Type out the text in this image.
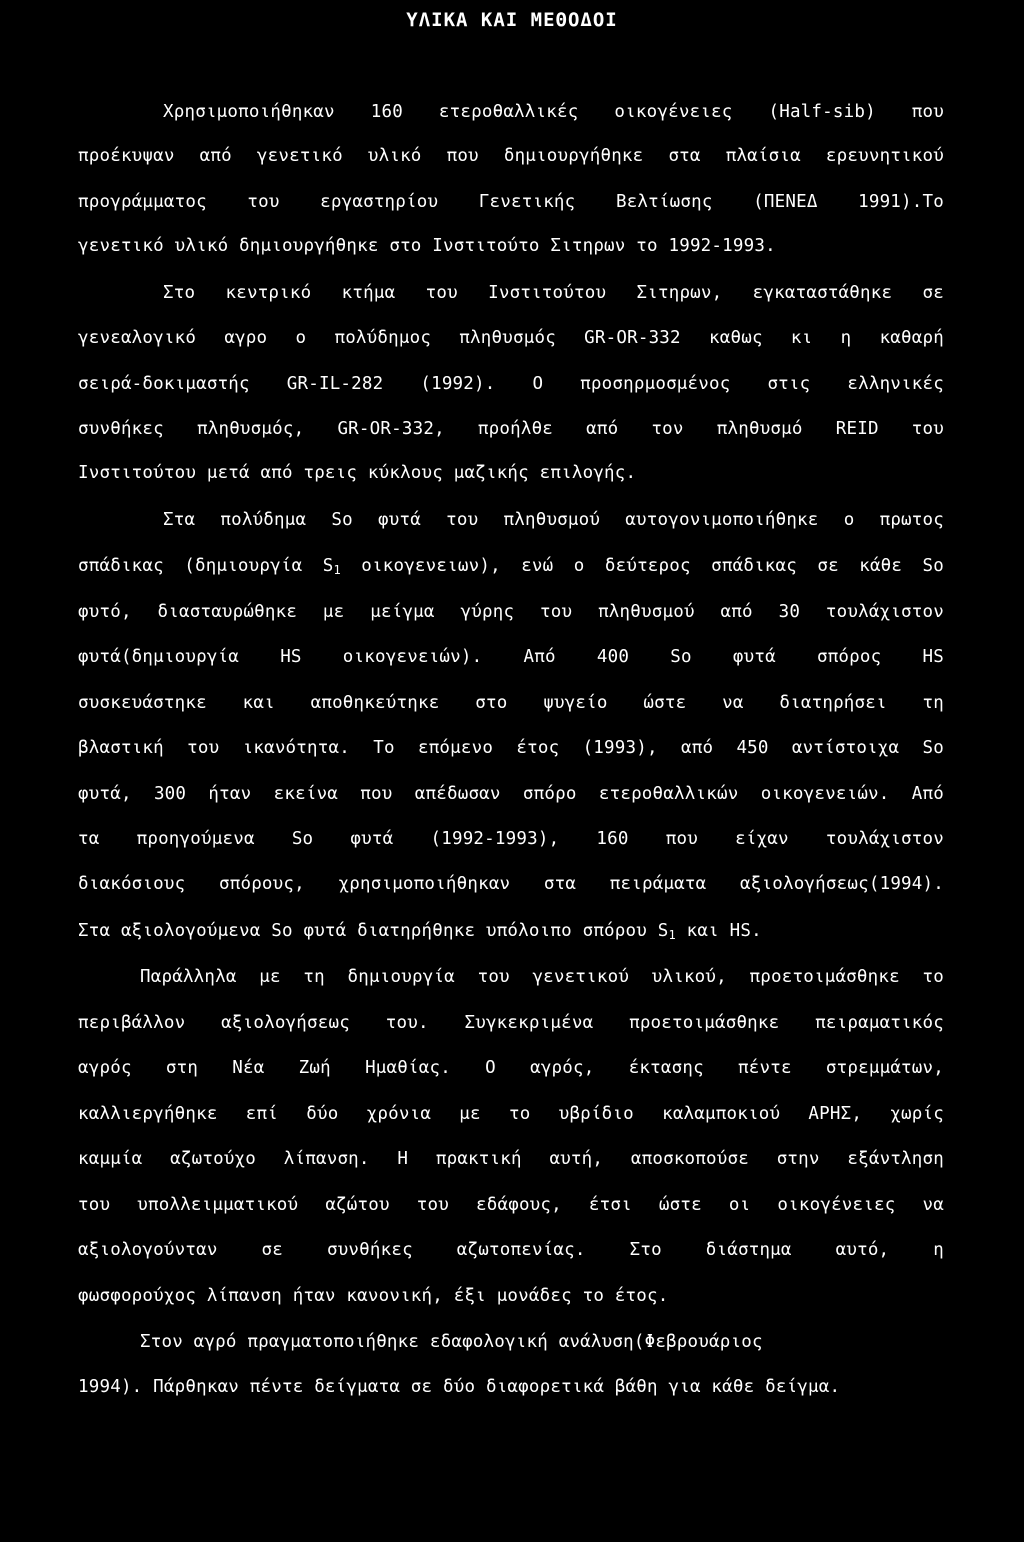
ΥΛΙΚΑ ΚΑΙ ΜΕΘΟΔΟΙ
Χρησιμοποιήθηκαν 160 ετεροθαλλικές οικογένειες (Half-sib) που
προέκυψαν από γενετικό υλικό που δημιουργήθηκε στα πλαίσια ερευνητικού
προγράμματος του εργαστηρίου Γενετικής Βελτίωσης (ΠΕΝΕΔ 1991).Το
γενετικό υλικό δημιουργήθηκε στο Ινστιτούτο Σιτηρων το 1992-1993.
Στο κεντρικό κτήμα του Ινστιτούτου Σιτηρων, εγκαταστάθηκε σε
γενεαλογικό αγρο ο πολύδημος πληθυσμός GR-OR-332 καθως κι η καθαρή
σειρά-δοκιμαστής GR-IL-282 (1992). Ο προσηρμοσμένος στις ελληνικές
συνθήκες πληθυσμός, GR-OR-332, προήλθε από τον πληθυσμό REID του
Ινστιτούτου μετά από τρεις κύκλους μαζικής επιλογής.
Στα πολύδημα So φυτά του πληθυσμού αυτογονιμοποιήθηκε ο πρωτος
σπάδικας (δημιουργία $S_1$ οικογενειων), ενώ ο δεύτερος σπάδικας σε κάθε So
φυτό, διασταυρώθηκε με μείγμα γύρης του πληθυσμού από 30 τουλάχιστον
φυτά(δημιουργία HS οικογενειών). Από 400 So φυτά σπόρος HS
συσκευάστηκε και αποθηκεύτηκε στο ψυγείο ώστε να διατηρήσει τη
βλαστική του ικανότητα. Το επόμενο έτος (1993), από 450 αντίστοιχα So
φυτά, 300 ήταν εκείνα που απέδωσαν σπόρο ετεροθαλλικών οικογενειών. Από
τα προηγούμενα So φυτά (1992-1993), 160 που είχαν τουλάχιστον
διακόσιους σπόρους, χρησιμοποιήθηκαν στα πειράματα αξιολογήσεως(1994).
Στα αξιολογούμενα So φυτά διατηρήθηκε υπόλοιπο σπόρου $S_1$ και HS.
Παράλληλα με τη δημιουργία του γενετικού υλικού, προετοιμάσθηκε το
περιβάλλον αξιολογήσεως του. Συγκεκριμένα προετοιμάσθηκε πειραματικός
αγρός στη Νέα Ζωή Ημαθίας. Ο αγρός, έκτασης πέντε στρεμμάτων,
καλλιεργήθηκε επί δύο χρόνια με το υβρίδιο καλαμποκιού ΑΡΗΣ, χωρίς
καμμία αζωτούχο λίπανση. Η πρακτική αυτή, αποσκοπούσε στην εξάντληση
του υπολλειμματικού αζώτου του εδάφους, έτσι ώστε οι οικογένειες να
αξιολογούνταν σε συνθήκες αζωτοπενίας. Στο διάστημα αυτό, η
φωσφορούχος λίπανση ήταν κανονική, έξι μονάδες το έτος.
Στον αγρό πραγματοποιήθηκε εδαφολογική ανάλυση(Φεβρουάριος
1994). Πάρθηκαν πέντε δείγματα σε δύο διαφορετικά βάθη για κάθε δείγμα.
